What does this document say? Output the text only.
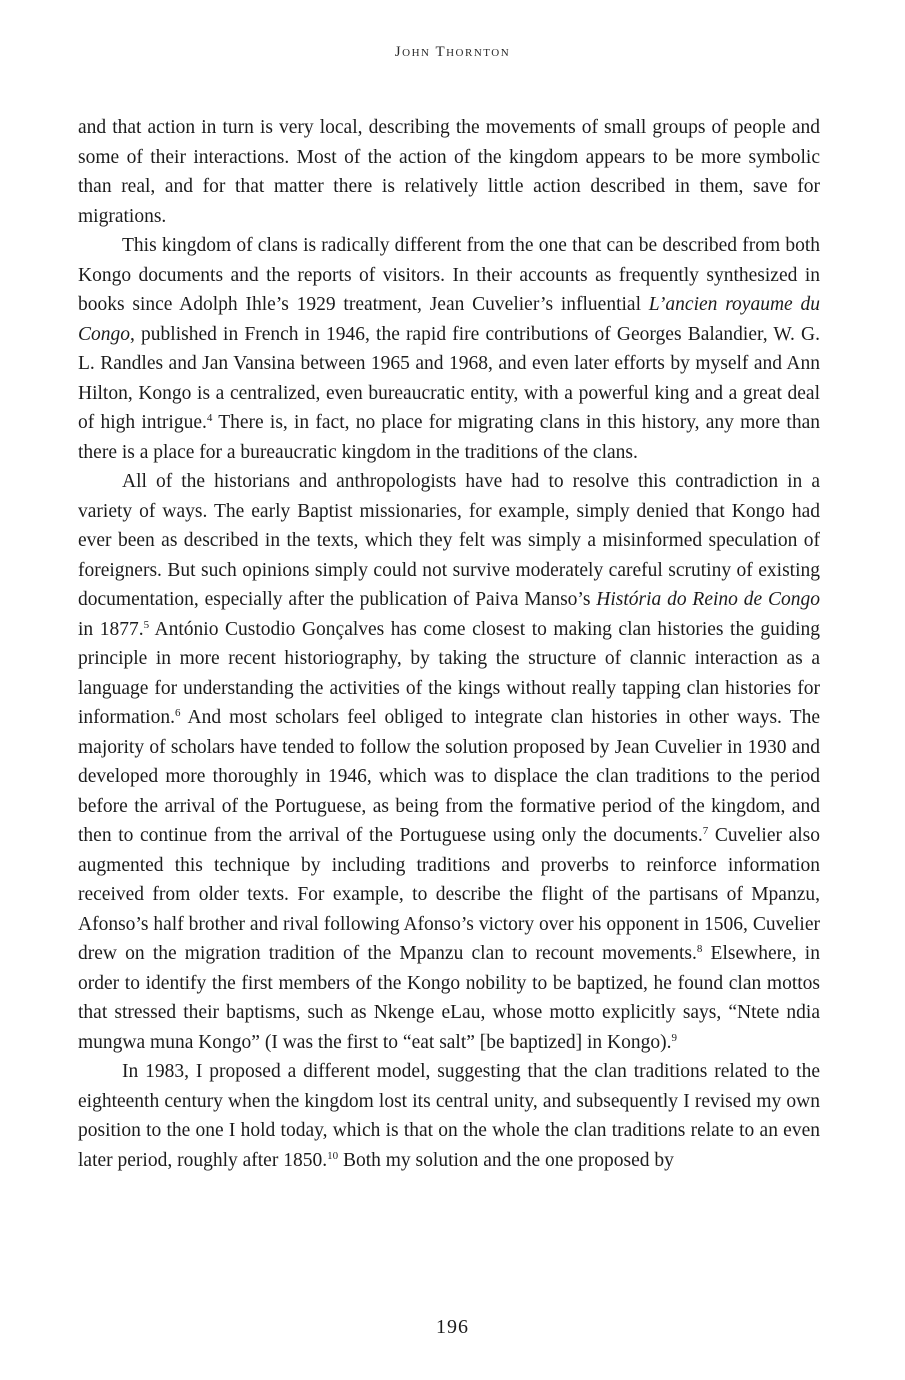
John Thornton

and that action in turn is very local, describing the movements of small groups of people and some of their interactions. Most of the action of the kingdom appears to be more symbolic than real, and for that matter there is relatively little action described in them, save for migrations.

This kingdom of clans is radically different from the one that can be described from both Kongo documents and the reports of visitors. In their accounts as frequently synthesized in books since Adolph Ihle’s 1929 treatment, Jean Cuvelier’s influential L’ancien royaume du Congo, published in French in 1946, the rapid fire contributions of Georges Balandier, W. G. L. Randles and Jan Vansina between 1965 and 1968, and even later efforts by myself and Ann Hilton, Kongo is a centralized, even bureaucratic entity, with a powerful king and a great deal of high intrigue.$^4$ There is, in fact, no place for migrating clans in this history, any more than there is a place for a bureaucratic kingdom in the traditions of the clans.

All of the historians and anthropologists have had to resolve this contradiction in a variety of ways. The early Baptist missionaries, for example, simply denied that Kongo had ever been as described in the texts, which they felt was simply a misinformed speculation of foreigners. But such opinions simply could not survive moderately careful scrutiny of existing documentation, especially after the publication of Paiva Manso’s História do Reino de Congo in 1877.$^5$ António Custodio Gonçalves has come closest to making clan histories the guiding principle in more recent historiography, by taking the structure of clannic interaction as a language for understanding the activities of the kings without really tapping clan histories for information.$^6$ And most scholars feel obliged to integrate clan histories in other ways. The majority of scholars have tended to follow the solution proposed by Jean Cuvelier in 1930 and developed more thoroughly in 1946, which was to displace the clan traditions to the period before the arrival of the Portuguese, as being from the formative period of the kingdom, and then to continue from the arrival of the Portuguese using only the documents.$^7$ Cuvelier also augmented this technique by including traditions and proverbs to reinforce information received from older texts. For example, to describe the flight of the partisans of Mpanzu, Afonso’s half brother and rival following Afonso’s victory over his opponent in 1506, Cuvelier drew on the migration tradition of the Mpanzu clan to recount movements.$^8$ Elsewhere, in order to identify the first members of the Kongo nobility to be baptized, he found clan mottos that stressed their baptisms, such as Nkenge eLau, whose motto explicitly says, “Ntete ndia mungwa muna Kongo” (I was the first to “eat salt” [be baptized] in Kongo).$^9$

In 1983, I proposed a different model, suggesting that the clan traditions related to the eighteenth century when the kingdom lost its central unity, and subsequently I revised my own position to the one I hold today, which is that on the whole the clan traditions relate to an even later period, roughly after 1850.10 Both my solution and the one proposed by

196
